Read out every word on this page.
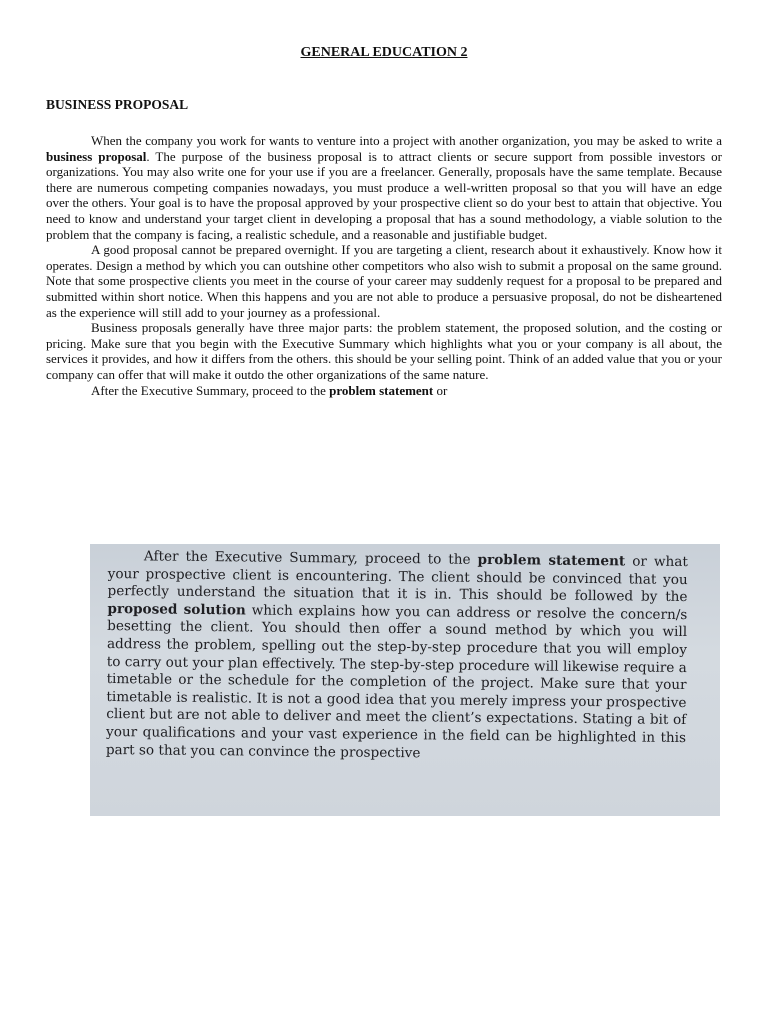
GENERAL EDUCATION 2
BUSINESS PROPOSAL

When the company you work for wants to venture into a project with another organization, you may be asked to write a business proposal. The purpose of the business proposal is to attract clients or secure support from possible investors or organizations. You may also write one for your use if you are a freelancer. Generally, proposals have the same template. Because there are numerous competing companies nowadays, you must produce a well-written proposal so that you will have an edge over the others. Your goal is to have the proposal approved by your prospective client so do your best to attain that objective. You need to know and understand your target client in developing a proposal that has a sound methodology, a viable solution to the problem that the company is facing, a realistic schedule, and a reasonable and justifiable budget.

A good proposal cannot be prepared overnight. If you are targeting a client, research about it exhaustively. Know how it operates. Design a method by which you can outshine other competitors who also wish to submit a proposal on the same ground. Note that some prospective clients you meet in the course of your career may suddenly request for a proposal to be prepared and submitted within short notice. When this happens and you are not able to produce a persuasive proposal, do not be disheartened as the experience will still add to your journey as a professional.

Business proposals generally have three major parts: the problem statement, the proposed solution, and the costing or pricing. Make sure that you begin with the Executive Summary which highlights what you or your company is all about, the services it provides, and how it differs from the others. this should be your selling point. Think of an added value that you or your company can offer that will make it outdo the other organizations of the same nature.

After the Executive Summary, proceed to the problem statement or

After the Executive Summary, proceed to the problem statement or what your prospective client is encountering. The client should be convinced that you perfectly understand the situation that it is in. This should be followed by the proposed solution which explains how you can address or resolve the concern/s besetting the client. You should then offer a sound method by which you will address the problem, spelling out the step-by-step procedure that you will employ to carry out your plan effectively. The step-by-step procedure will likewise require a timetable or the schedule for the completion of the project. Make sure that your timetable is realistic. It is not a good idea that you merely impress your prospective client but are not able to deliver and meet the client’s expectations. Stating a bit of your qualifications and your vast experience in the field can be highlighted in this part so that you can convince the prospective
